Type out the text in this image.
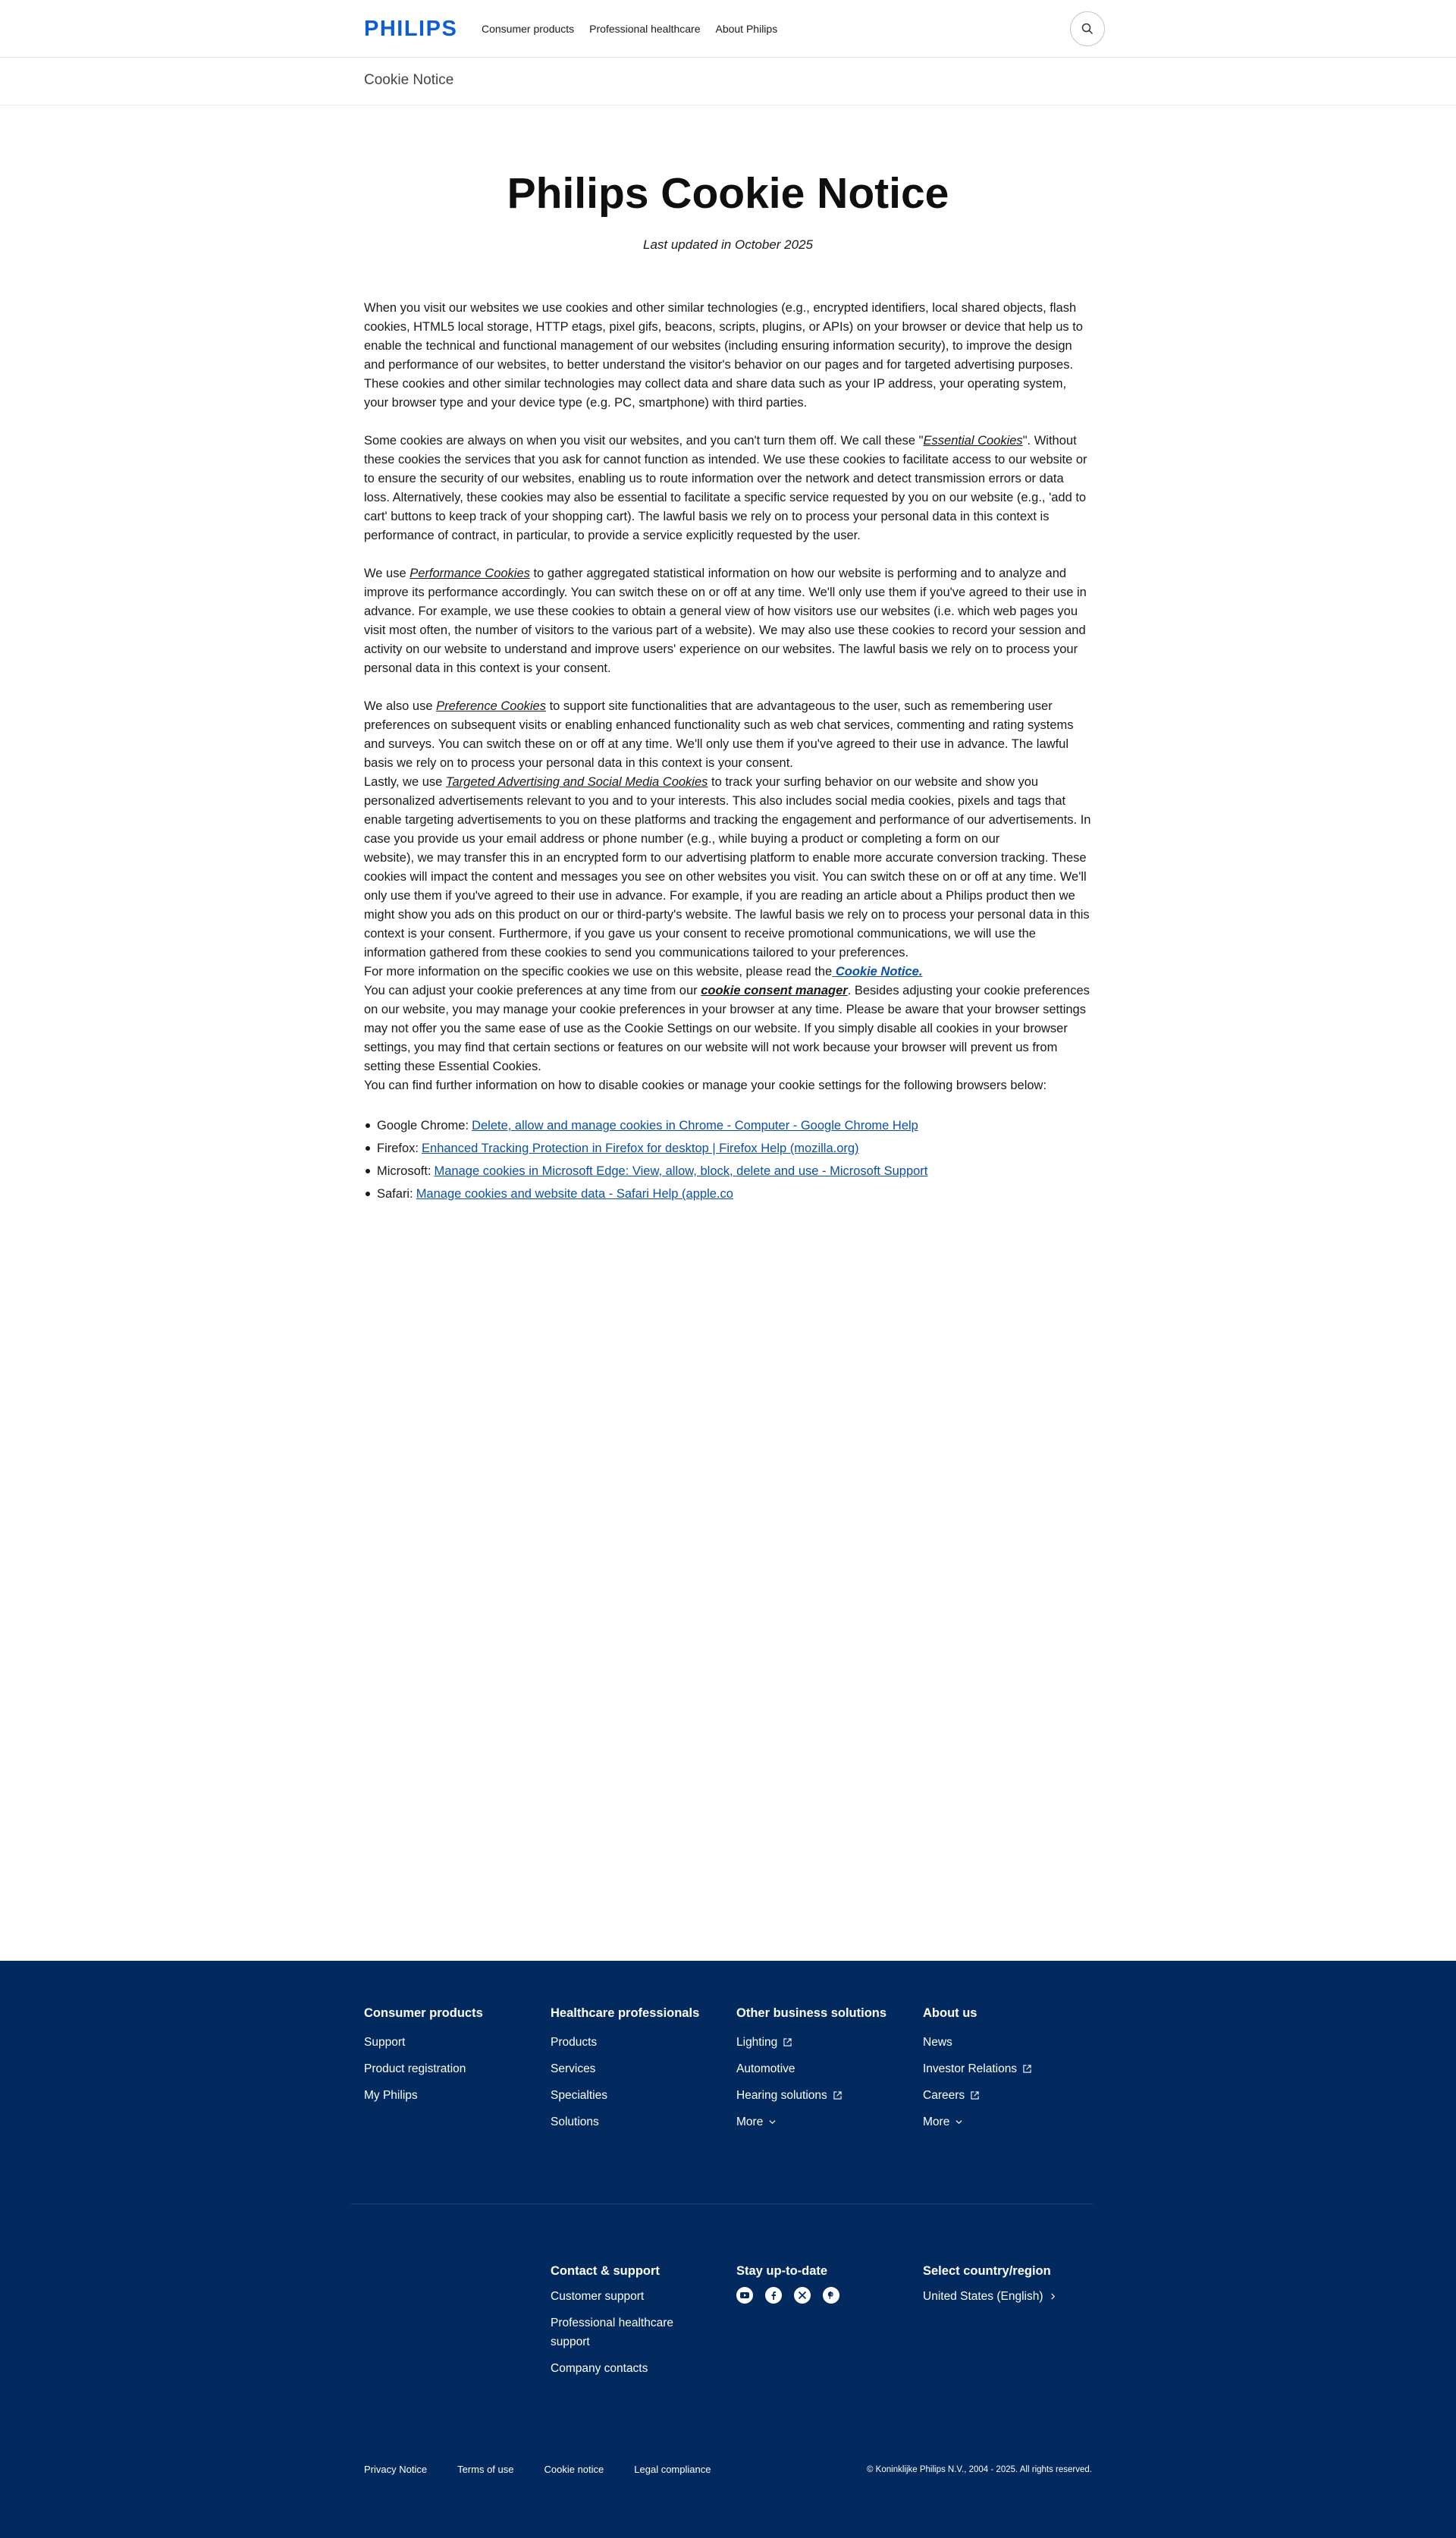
PHILIPS Consumer products Professional healthcare About Philips
Cookie Notice
Philips Cookie Notice
Last updated in October 2025

When you visit our websites we use cookies and other similar technologies (e.g., encrypted identifiers, local shared objects, flash cookies, HTML5 local storage, HTTP etags, pixel gifs, beacons, scripts, plugins, or APIs) on your browser or device that help us to enable the technical and functional management of our websites (including ensuring information security), to improve the design and performance of our websites, to better understand the visitor's behavior on our pages and for targeted advertising purposes. These cookies and other similar technologies may collect data and share data such as your IP address, your operating system, your browser type and your device type (e.g. PC, smartphone) with third parties.

Some cookies are always on when you visit our websites, and you can't turn them off. We call these "Essential Cookies". Without these cookies the services that you ask for cannot function as intended. We use these cookies to facilitate access to our website or to ensure the security of our websites, enabling us to route information over the network and detect transmission errors or data loss. Alternatively, these cookies may also be essential to facilitate a specific service requested by you on our website (e.g., 'add to cart' buttons to keep track of your shopping cart). The lawful basis we rely on to process your personal data in this context is performance of contract, in particular, to provide a service explicitly requested by the user.

We use Performance Cookies to gather aggregated statistical information on how our website is performing and to analyze and improve its performance accordingly. You can switch these on or off at any time. We'll only use them if you've agreed to their use in advance. For example, we use these cookies to obtain a general view of how visitors use our websites (i.e. which web pages you visit most often, the number of visitors to the various part of a website). We may also use these cookies to record your session and activity on our website to understand and improve users' experience on our websites. The lawful basis we rely on to process your personal data in this context is your consent.

We also use Preference Cookies to support site functionalities that are advantageous to the user, such as remembering user preferences on subsequent visits or enabling enhanced functionality such as web chat services, commenting and rating systems and surveys. You can switch these on or off at any time. We'll only use them if you've agreed to their use in advance. The lawful basis we rely on to process your personal data in this context is your consent.

Lastly, we use Targeted Advertising and Social Media Cookies to track your surfing behavior on our website and show you personalized advertisements relevant to you and to your interests. This also includes social media cookies, pixels and tags that enable targeting advertisements to you on these platforms and tracking the engagement and performance of our advertisements. In case you provide us your email address or phone number (e.g., while buying a product or completing a form on our

website), we may transfer this in an encrypted form to our advertising platform to enable more accurate conversion tracking. These cookies will impact the content and messages you see on other websites you visit. You can switch these on or off at any time. We'll only use them if you've agreed to their use in advance. For example, if you are reading an article about a Philips product then we might show you ads on this product on our or third-party's website. The lawful basis we rely on to process your personal data in this context is your consent. Furthermore, if you gave us your consent to receive promotional communications, we will use the information gathered from these cookies to send you communications tailored to your preferences.

For more information on the specific cookies we use on this website, please read the Cookie Notice.

You can adjust your cookie preferences at any time from our cookie consent manager. Besides adjusting your cookie preferences on our website, you may manage your cookie preferences in your browser at any time. Please be aware that your browser settings may not offer you the same ease of use as the Cookie Settings on our website. If you simply disable all cookies in your browser settings, you may find that certain sections or features on our website will not work because your browser will prevent us from setting these Essential Cookies.

You can find further information on how to disable cookies or manage your cookie settings for the following browsers below:

Google Chrome: Delete, allow and manage cookies in Chrome - Computer - Google Chrome Help
Firefox: Enhanced Tracking Protection in Firefox for desktop | Firefox Help (mozilla.org)
Microsoft: Manage cookies in Microsoft Edge: View, allow, block, delete and use - Microsoft Support
Safari: Manage cookies and website data - Safari Help (apple.co
Consumer products
Support
Product registration
My Philips
Healthcare professionals
Products
Services
Specialties
Solutions
Other business solutions
Lighting
Automotive
Hearing solutions
More
About us
News
Investor Relations
Careers
More
Contact & support
Customer support
Professional healthcare support
Company contacts
Stay up-to-date	Select country/region
United States (English)
Privacy Notice	Terms of use	Cookie notice	Legal compliance	© Koninklijke Philips N.V., 2004 - 2025. All rights reserved.
